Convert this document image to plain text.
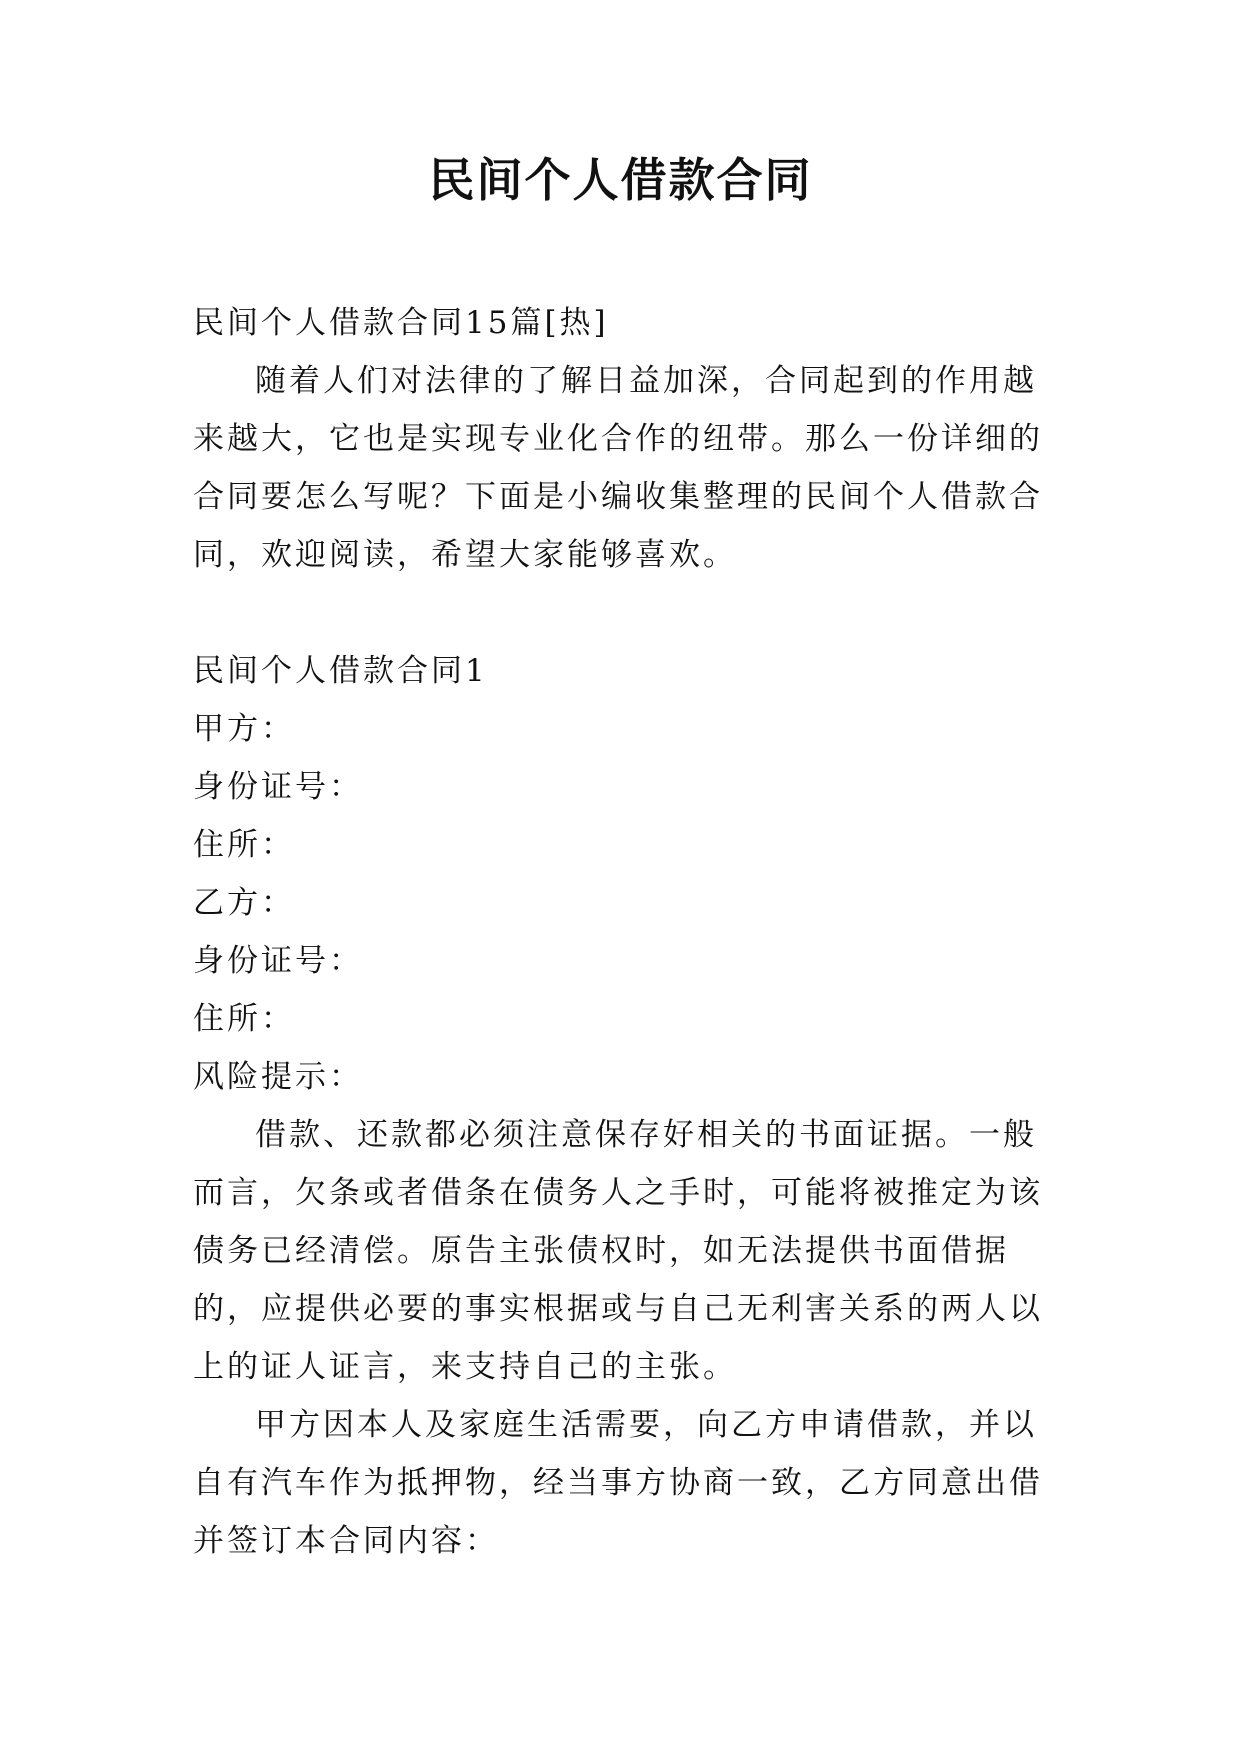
民间个人借款合同

民间个人借款合同15篇[热]

随着人们对法律的了解日益加深，合同起到的作用越来越大，它也是实现专业化合作的纽带。那么一份详细的合同要怎么写呢？下面是小编收集整理的民间个人借款合同，欢迎阅读，希望大家能够喜欢。

民间个人借款合同1

甲方：

身份证号：

住所：

乙方：

身份证号：

住所：

风险提示：

借款、还款都必须注意保存好相关的书面证据。一般而言，欠条或者借条在债务人之手时，可能将被推定为该债务已经清偿。原告主张债权时，如无法提供书面借据的，应提供必要的事实根据或与自己无利害关系的两人以上的证人证言，来支持自己的主张。

甲方因本人及家庭生活需要，向乙方申请借款，并以自有汽车作为抵押物，经当事方协商一致，乙方同意出借并签订本合同内容：
